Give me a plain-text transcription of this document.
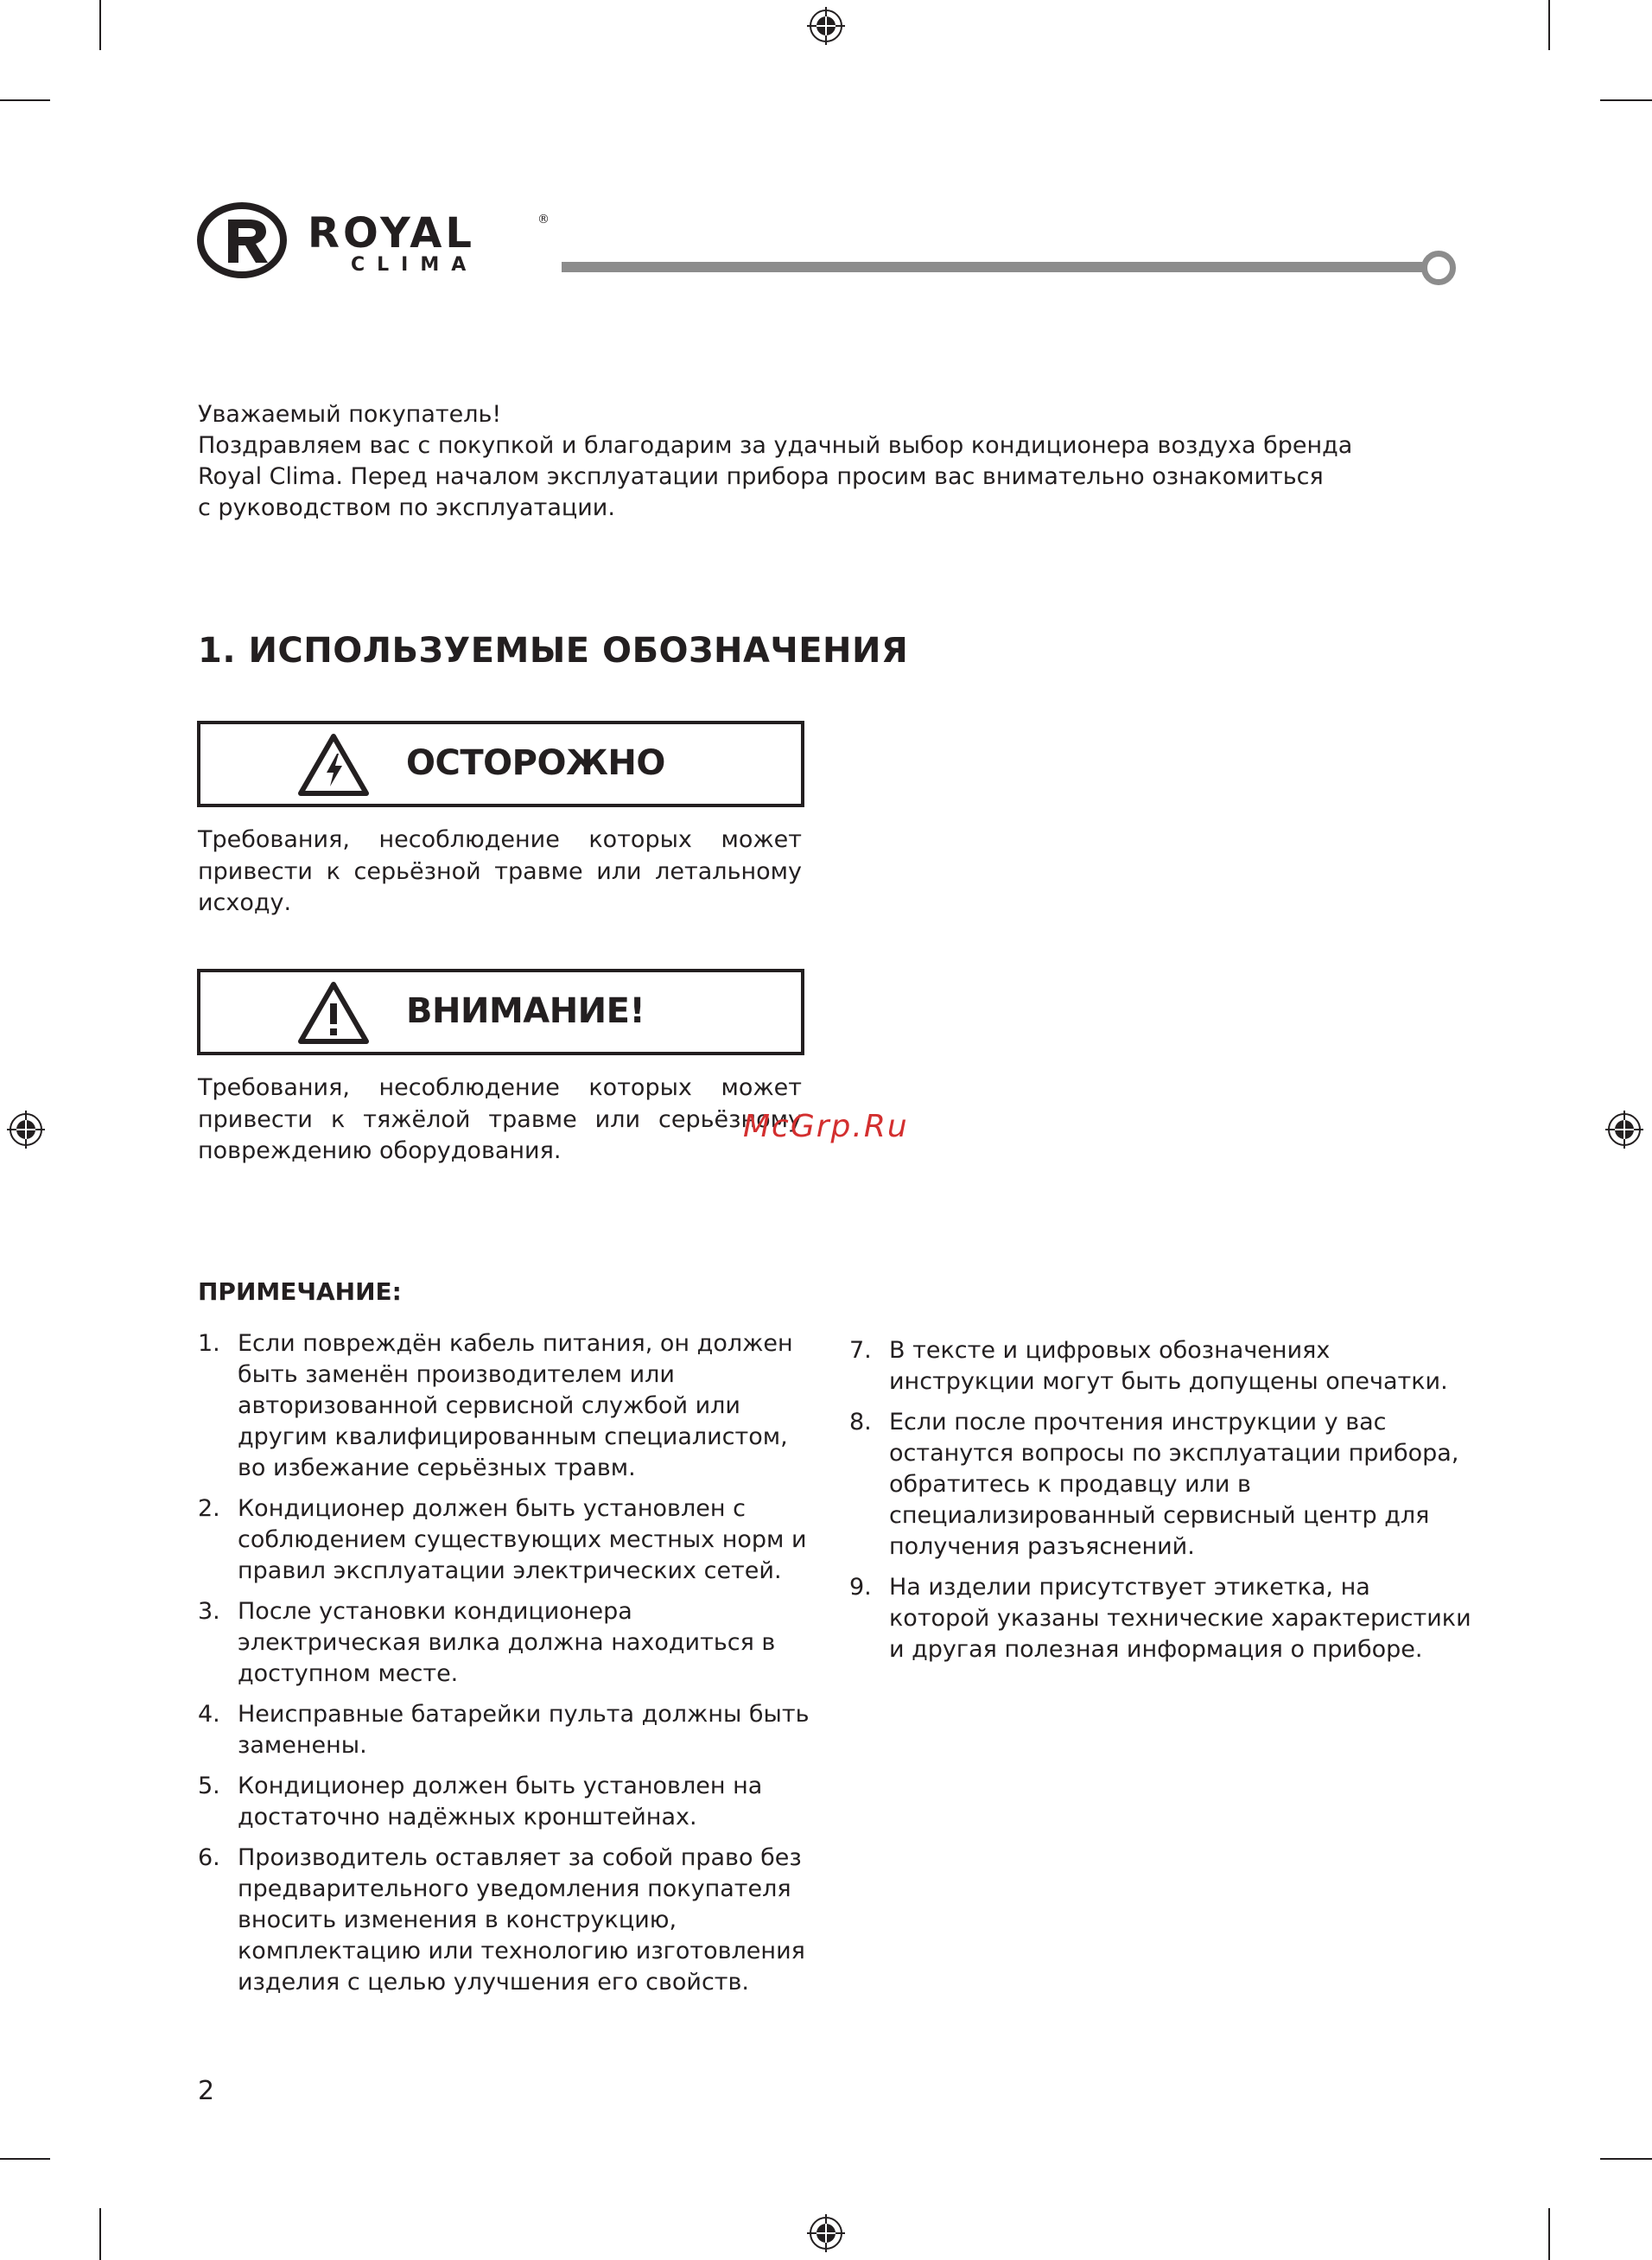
ROYAL	®
CLIMA

Уважаемый покупатель!

Поздравляем вас с покупкой и благодарим за удачный выбор кондиционера воздуха бренда

Royal Clima. Перед началом эксплуатации прибора просим вас внимательно ознакомиться

с руководством по эксплуатации.

1. ИСПОЛЬЗУЕМЫЕ ОБОЗНАЧЕНИЯ
ОСТОРОЖНО
Требования, несоблюдение которых может привести к серьёзной травме или летальному исходу.
ВНИМАНИЕ!
Требования, несоблюдение которых может привести к тяжёлой травме или серьёзному повреждению оборудования.
McGrp.Ru
ПРИМЕЧАНИЕ:
1. Если повреждён кабель питания, он должен быть заменён производителем или авторизованной сервисной службой или другим квалифицированным специалистом, во избежание серьёзных травм.
2. Кондиционер должен быть установлен с соблюдением существующих местных норм и правил эксплуатации электрических сетей.
3. После установки кондиционера электрическая вилка должна находиться в доступном месте.
4. Неисправные батарейки пульта должны быть заменены.
5. Кондиционер должен быть установлен на достаточно надёжных кронштейнах.
6. Производитель оставляет за собой право без предварительного уведомления покупателя вносить изменения в конструкцию, комплектацию или технологию изготовления изделия с целью улучшения его свойств.
7. В тексте и цифровых обозначениях инструкции могут быть допущены опечатки.
8. Если после прочтения инструкции у вас останутся вопросы по эксплуатации прибора, обратитесь к продавцу или в специализированный сервисный центр для получения разъяснений.
9. На изделии присутствует этикетка, на которой указаны технические характеристики и другая полезная информация о приборе.
2
